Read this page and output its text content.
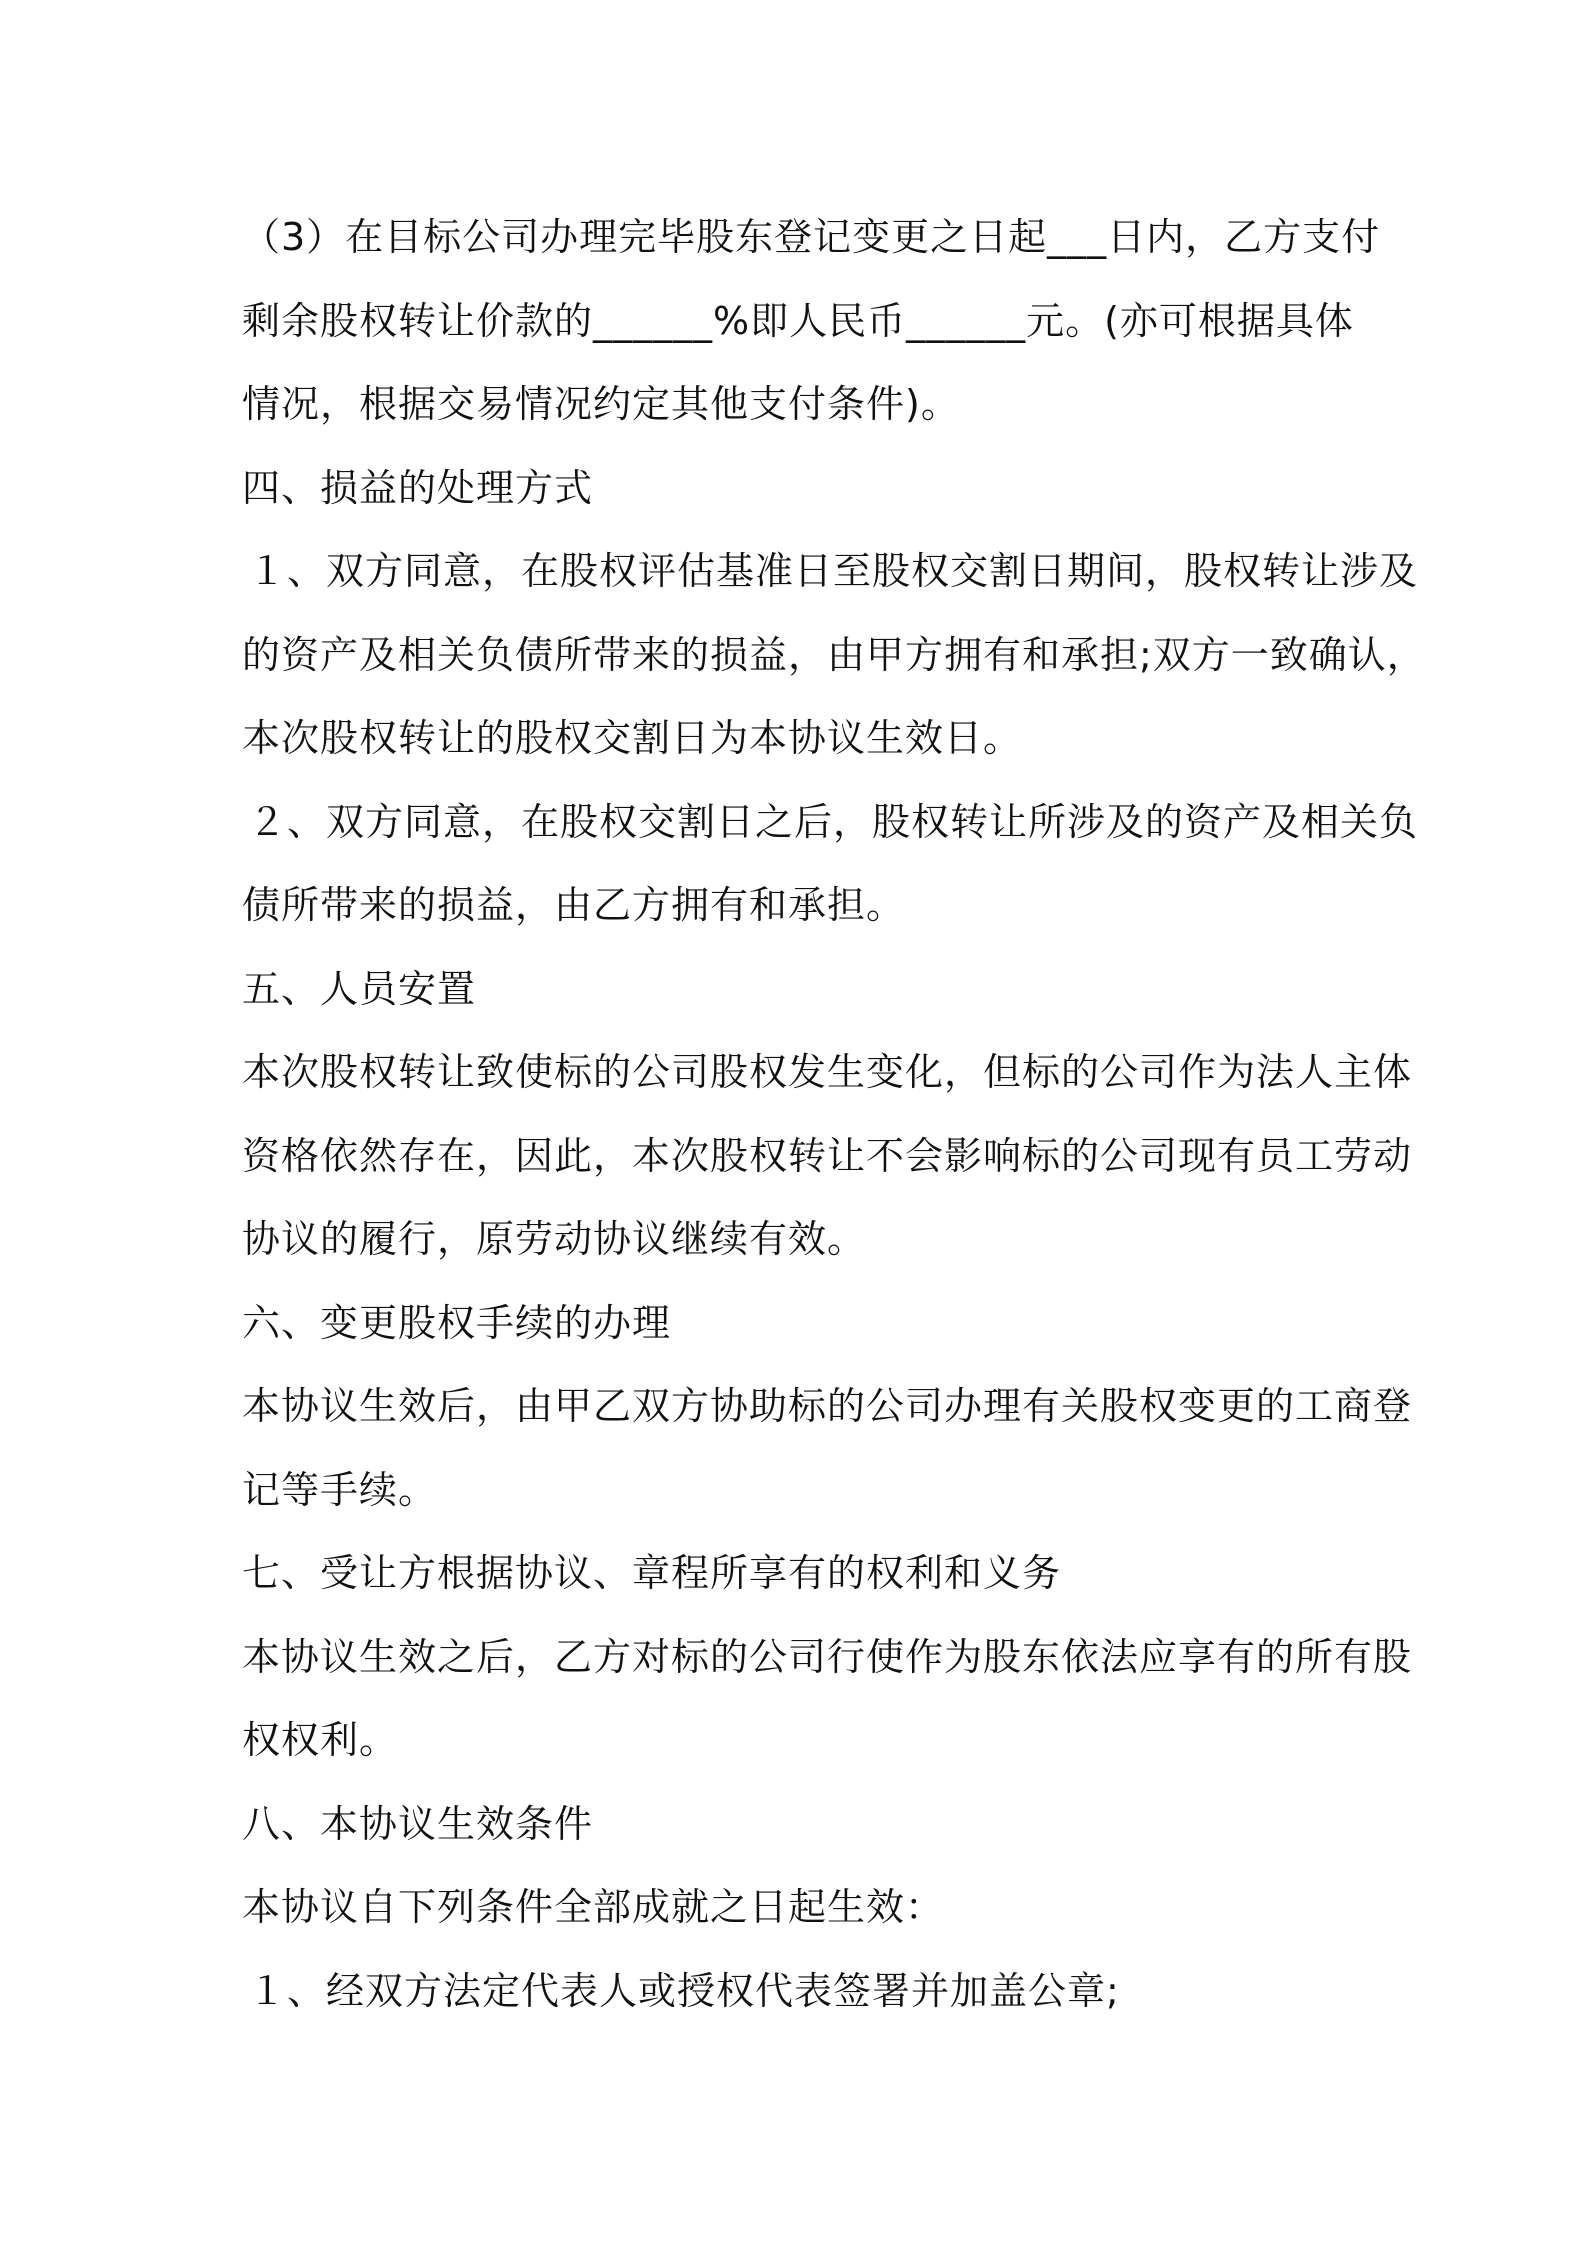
（3）在目标公司办理完毕股东登记变更之日起___日内，乙方支付
剩余股权转让价款的______%即人民币______元。(亦可根据具体
情况，根据交易情况约定其他支付条件)。
四、损益的处理方式
１、双方同意，在股权评估基准日至股权交割日期间，股权转让涉及
的资产及相关负债所带来的损益，由甲方拥有和承担;双方一致确认，
本次股权转让的股权交割日为本协议生效日。
２、双方同意，在股权交割日之后，股权转让所涉及的资产及相关负
债所带来的损益，由乙方拥有和承担。
五、人员安置
本次股权转让致使标的公司股权发生变化，但标的公司作为法人主体
资格依然存在，因此，本次股权转让不会影响标的公司现有员工劳动
协议的履行，原劳动协议继续有效。
六、变更股权手续的办理
本协议生效后，由甲乙双方协助标的公司办理有关股权变更的工商登
记等手续。
七、受让方根据协议、章程所享有的权利和义务
本协议生效之后，乙方对标的公司行使作为股东依法应享有的所有股
权权利。
八、本协议生效条件
本协议自下列条件全部成就之日起生效：
１、经双方法定代表人或授权代表签署并加盖公章;
